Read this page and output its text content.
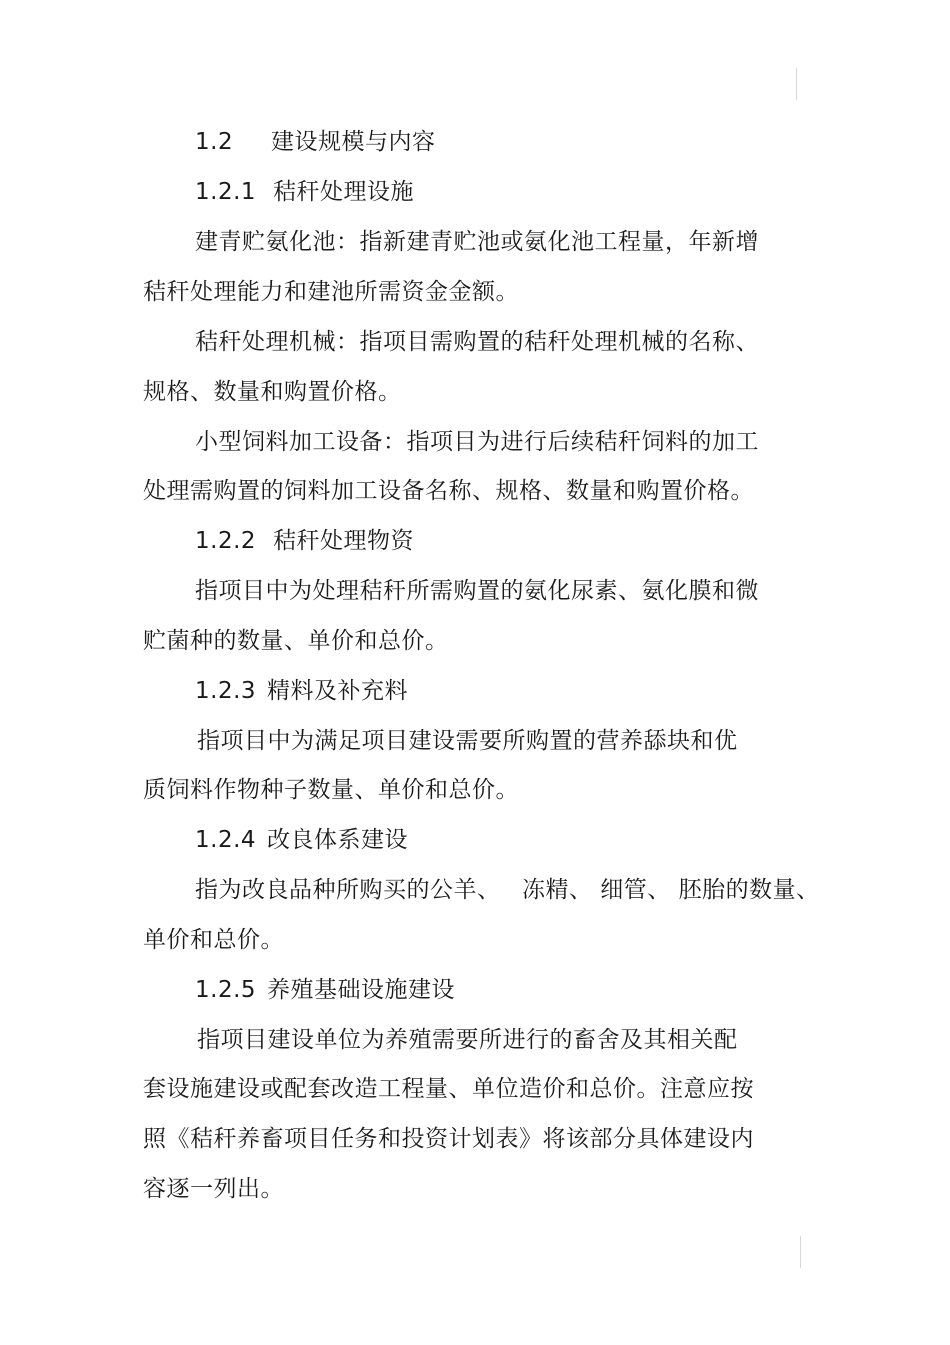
1.2 建设规模与内容
1.2.1 秸秆处理设施
建青贮氨化池：指新建青贮池或氨化池工程量，年新增
秸秆处理能力和建池所需资金金额。
秸秆处理机械：指项目需购置的秸秆处理机械的名称、
规格、数量和购置价格。
小型饲料加工设备：指项目为进行后续秸秆饲料的加工
处理需购置的饲料加工设备名称、规格、数量和购置价格。
1.2.2 秸秆处理物资
指项目中为处理秸秆所需购置的氨化尿素、氨化膜和微
贮菌种的数量、单价和总价。
1.2.3 精料及补充料
指项目中为满足项目建设需要所购置的营养舔块和优
质饲料作物种子数量、单价和总价。
1.2.4 改良体系建设
指为改良品种所购买的公羊、 冻精、 细管、 胚胎的数量、
单价和总价。
1.2.5 养殖基础设施建设
指项目建设单位为养殖需要所进行的畜舍及其相关配
套设施建设或配套改造工程量、单位造价和总价。注意应按
照《秸秆养畜项目任务和投资计划表》将该部分具体建设内
容逐一列出。
